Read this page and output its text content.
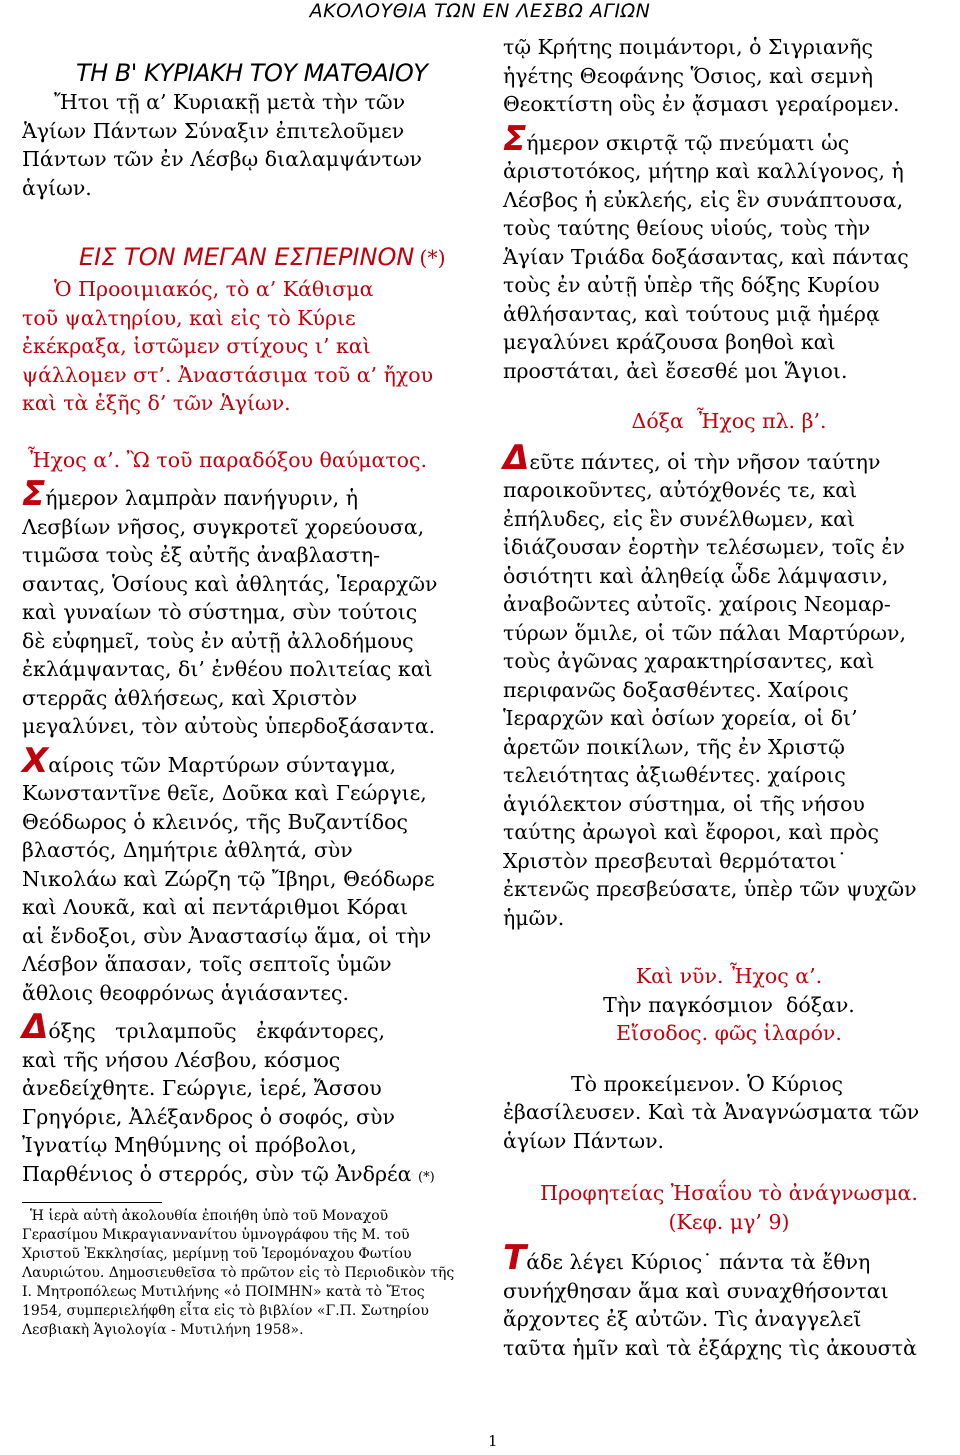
ΑΚΟΛΟΥΘΙΑ ΤΩΝ ΕΝ ΛΕΣΒΩ ΑΓΙΩΝ
ΤΗ Β' ΚΥΡΙΑΚΗ ΤΟΥ ΜΑΤΘΑΙΟΥ
Ἤτοι τῇ α’ Κυριακῇ μετὰ τὴν τῶν
Ἁγίων Πάντων Σύναξιν ἐπιτελοῦμεν
Πάντων τῶν ἐν Λέσβῳ διαλαμψάντων
ἁγίων.
ΕΙΣ ΤΟΝ ΜΕΓΑΝ ΕΣΠΕΡΙΝΟΝ (*)
Ὁ Προοιμιακός, τὸ α’ Κάθισμα
τοῦ ψαλτηρίου, καὶ εἰς τὸ Κύριε
ἐκέκραξα, ἱστῶμεν στίχους ι’ καὶ
ψάλλομεν στ’. Ἀναστάσιμα τοῦ α’ ἤχου
καὶ τὰ ἑξῆς δ’ τῶν Ἁγίων.
Ἦχος α’. Ὢ τοῦ παραδόξου θαύματος.
Σήμερον λαμπρὰν πανήγυριν, ἡ
Λεσβίων νῆσος, συγκροτεῖ χορεύουσα,
τιμῶσα τοὺς ἐξ αὐτῆς ἀναβλαστη-
σαντας, Ὁσίους καὶ ἀθλητάς, Ἱεραρχῶν
καὶ γυναίων τὸ σύστημα, σὺν τούτοις
δὲ εὐφημεῖ, τοὺς ἐν αὐτῇ ἀλλοδήμους
ἐκλάμψαντας, δι’ ἐνθέου πολιτείας καὶ
στερρᾶς ἀθλήσεως, καὶ Χριστὸν
μεγαλύνει, τὸν αὐτοὺς ὑπερδοξάσαντα.
Χαίροις τῶν Μαρτύρων σύνταγμα,
Κωνσταντῖνε θεῖε, Δοῦκα καὶ Γεώργιε,
Θεόδωρος ὁ κλεινός, τῆς Βυζαντίδος
βλαστός, Δημήτριε ἀθλητά, σὺν
Νικολάω καὶ Ζώρζη τῷ Ἴβηρι, Θεόδωρε
καὶ Λουκᾶ, καὶ αἱ πεντάριθμοι Κόραι
αἱ ἔνδοξοι, σὺν Ἀναστασίῳ ἅμα, οἱ τὴν
Λέσβον ἅπασαν, τοῖς σεπτοῖς ὑμῶν
ἄθλοις θεοφρόνως ἁγιάσαντες.
Δόξης   τριλαμποῦς   ἐκφάντορες,
καὶ τῆς νήσου Λέσβου, κόσμος
ἀνεδείχθητε. Γεώργιε, ἱερέ, Ἄσσου
Γρηγόριε, Ἀλέξανδρος ὁ σοφός, σὺν
Ἰγνατίῳ Μηθύμνης οἱ πρόβολοι,
Παρθένιος ὁ στερρός, σὺν τῷ Ἀνδρέα (*)
Ἡ ἱερὰ αὐτὴ ἀκολουθία ἐποιήθη ὑπὸ τοῦ Μοναχοῦ
Γερασίμου Μικραγιαννανίτου ὑμνογράφου τῆς Μ. τοῦ
Χριστοῦ Ἐκκλησίας, μερίμνῃ τοῦ Ἱερομόναχου Φωτίου
Λαυριώτου. Δημοσιευθεῖσα τὸ πρῶτον εἰς τὸ Περιοδικὸν τῆς
Ι. Μητροπόλεως Μυτιλήνης «ὁ ΠΟΙΜΗΝ» κατὰ τὸ Ἔτος
1954, συμπεριελήφθη εἶτα εἰς τὸ βιβλίον «Γ.Π. Σωτηρίου
Λεσβιακὴ Ἁγιολογία - Μυτιλήνη 1958».
τῷ Κρήτης ποιμάντορι, ὁ Σιγριανῆς
ἡγέτης Θεοφάνης Ὅσιος, καὶ σεμνὴ
Θεοκτίστη οὓς ἐν ᾄσμασι γεραίρομεν.
Σήμερον σκιρτᾷ τῷ πνεύματι ὡς
ἀριστοτόκος, μήτηρ καὶ καλλίγονος, ἡ
Λέσβος ἡ εὐκλεής, εἰς ἓν συνάπτουσα,
τοὺς ταύτης θείους υἱούς, τοὺς τὴν
Ἁγίαν Τριάδα δοξάσαντας, καὶ πάντας
τοὺς ἐν αὐτῇ ὑπὲρ τῆς δόξης Κυρίου
ἀθλήσαντας, καὶ τούτους μιᾷ ἡμέρᾳ
μεγαλύνει κράζουσα βοηθοὶ καὶ
προστάται, ἀεὶ ἔσεσθέ μοι Ἅγιοι.
Δόξα  Ἦχος πλ. β’.
Δεῦτε πάντες, οἱ τὴν νῆσον ταύτην
παροικοῦντες, αὐτόχθονές τε, καὶ
ἐπήλυδες, εἰς ἓν συνέλθωμεν, καὶ
ἰδιάζουσαν ἑορτὴν τελέσωμεν, τοῖς ἐν
ὁσιότητι καὶ ἀληθείᾳ ὧδε λάμψασιν,
ἀναβοῶντες αὐτοῖς. χαίροις Νεομαρ-
τύρων ὅμιλε, οἱ τῶν πάλαι Μαρτύρων,
τοὺς ἀγῶνας χαρακτηρίσαντες, καὶ
περιφανῶς δοξασθέντες. Χαίροις
Ἱεραρχῶν καὶ ὁσίων χορεία, οἱ δι’
ἀρετῶν ποικίλων, τῆς ἐν Χριστῷ
τελειότητας ἀξιωθέντες. χαίροις
ἁγιόλεκτον σύστημα, οἱ τῆς νήσου
ταύτης ἀρωγοὶ καὶ ἔφοροι, καὶ πρὸς
Χριστὸν πρεσβευταὶ θερμότατοι˙
ἐκτενῶς πρεσβεύσατε, ὑπὲρ τῶν ψυχῶν
ἡμῶν.
Καὶ νῦν. Ἦχος α’.
Τὴν παγκόσμιον  δόξαν.
Εἴσοδος. φῶς ἱλαρόν.
Τὸ προκείμενον. Ὁ Κύριος
ἐβασίλευσεν. Καὶ τὰ Ἀναγνώσματα τῶν
ἁγίων Πάντων.
Προφητείας Ἠσαΐου τὸ ἀνάγνωσμα.
(Κεφ. μγ’ 9)
Τάδε λέγει Κύριος˙ πάντα τὰ ἔθνη
συνήχθησαν ἅμα καὶ συναχθήσονται
ἄρχοντες ἐξ αὐτῶν. Τὶς ἀναγγελεῖ
ταῦτα ἡμῖν καὶ τὰ ἐξάρχης τὶς ἀκουστὰ
1
